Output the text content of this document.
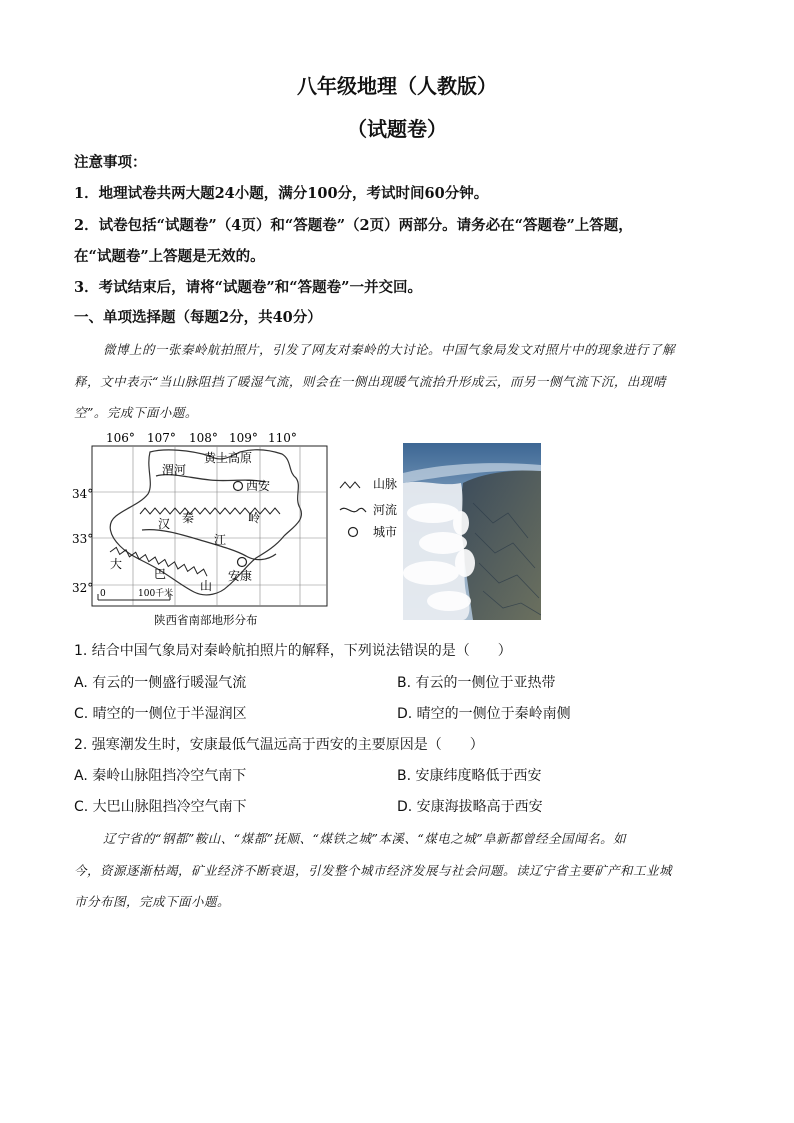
八年级地理（人教版）
（试题卷）
注意事项：
1．地理试卷共两大题24小题，满分100分，考试时间60分钟。
2．试卷包括“试题卷”（4页）和“答题卷”（2页）两部分。请务必在“答题卷”上答题，
在“试题卷”上答题是无效的。
3．考试结束后，请将“试题卷”和“答题卷”一并交回。
一、单项选择题（每题2分，共40分）
微博上的一张秦岭航拍照片，引发了网友对秦岭的大讨论。中国气象局发文对照片中的现象进行了解
释，文中表示“当山脉阻挡了暖湿气流，则会在一侧出现暖气流抬升形成云，而另一侧气流下沉，出现晴
空”。完成下面小题。
106° 107° 108° 109° 110°
34°
33°
32°
渭河
黄土高原
西安
汉 秦	岭
江
大
巴
山
安康
0	100千米
陕西省南部地形分布
山脉
河流
城市
1. 结合中国气象局对秦岭航拍照片的解释，下列说法错误的是（　　）
A. 有云的一侧盛行暖湿气流	B. 有云的一侧位于亚热带
C. 晴空的一侧位于半湿润区	D. 晴空的一侧位于秦岭南侧
2. 强寒潮发生时，安康最低气温远高于西安的主要原因是（　　）
A. 秦岭山脉阻挡冷空气南下	B. 安康纬度略低于西安
C. 大巴山脉阻挡冷空气南下	D. 安康海拔略高于西安
辽宁省的“钢都”鞍山、“煤都”抚顺、“煤铁之城”本溪、“煤电之城”阜新都曾经全国闻名。如
今，资源逐渐枯竭，矿业经济不断衰退，引发整个城市经济发展与社会问题。读辽宁省主要矿产和工业城
市分布图，完成下面小题。
